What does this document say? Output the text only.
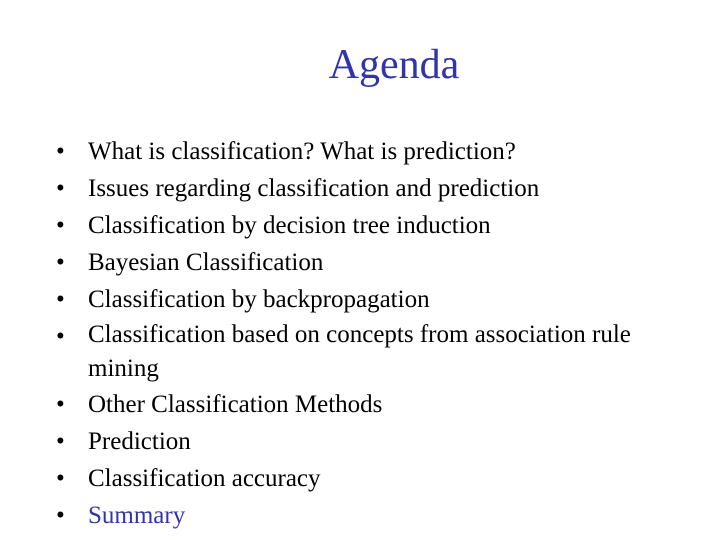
Agenda
• What is classification? What is prediction?
• Issues regarding classification and prediction
• Classification by decision tree induction
• Bayesian Classification
• Classification by backpropagation
• Classification based on concepts from association rule mining
• Other Classification Methods
• Prediction
• Classification accuracy
• Summary
